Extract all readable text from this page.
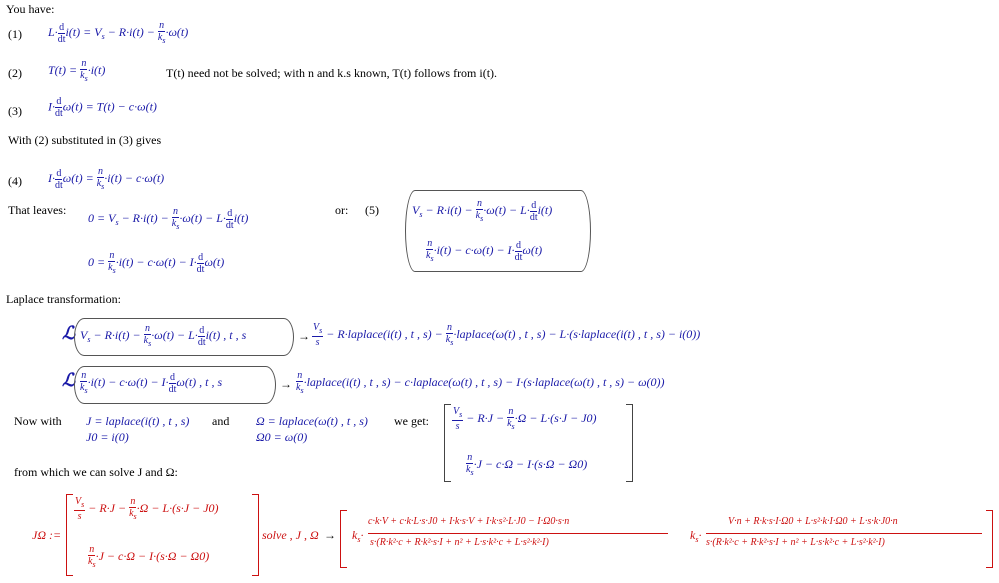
You have:
(1) $L\cdot \frac{d}{dt} i(t) = V_s - R\cdot i(t) - \frac{n}{k_s} \cdot\omega(t)$
(2) $T(t) = \frac{n}{k_s} \cdot i(t)$	T(t) need not be solved; with n and k.s known, T(t) follows from i(t).
(3) $I\cdot \frac{d}{dt} \omega(t) = T(t) - c\cdot\omega(t)$
With (2) substituted in (3) gives
(4) $I\cdot \frac{d}{dt} \omega(t) = \frac{n}{k_s} \cdot i(t) - c\cdot\omega(t)$
That leaves:
$0 = V_s - R\cdot i(t) - \frac{n}{k_s} \cdot\omega(t) - L\cdot \frac{d}{dt} i(t)$
$0 = \frac{n}{k_s} \cdot i(t) - c\cdot\omega(t) - I\cdot \frac{d}{dt} \omega(t)$
or: (5)	$V_s - R\cdot i(t) - \frac{n}{k_s} \cdot\omega(t) - L\cdot \frac{d}{dt} i(t)$
$\frac{n}{k_s} \cdot i(t) - c\cdot\omega(t) - I\cdot \frac{d}{dt} \omega(t)$
Laplace transformation:
ℒ $V_s - R\cdot i(t) - \frac{n}{k_s} \cdot\omega(t) - L\cdot \frac{d}{dt} i(t)$ , t , s	→ $\frac{V_s}{s}$ − R·laplace(i(t) , t , $s) - \frac{n}{k_s}$ ·laplace(ω(t) , t , s) − L·(s·laplace(i(t) , t , s) − i(0))
ℒ $\frac{n}{k_s} \cdot i(t) - c\cdot\omega(t) - I\cdot \frac{d}{dt} \omega(t)$ , t , s	→ $\frac{n}{k_s}$ ·laplace(i(t) , t , s) − c·laplace(ω(t) , t , s) − I·(s·laplace(ω(t) , t , s) − ω(0))
Now with J = laplace(i(t) , t , s)
J0 = i(0)
and Ω = laplace(ω(t) , t , s)
Ω0 = ω(0)
we get: $\frac{V_s}{s} - R\cdot J - \frac{n}{k_s} \cdot\Omega - L\cdot(s\cdot J - J0)$
$\frac{n}{k_s} \cdot J - c\cdot\Omega - I\cdot(s\cdot\Omega - \Omega 0)$
from which we can solve J and Ω:
JΩ :=
$\frac{V_s}{s} - R\cdot J - \frac{n}{k_s} \cdot\Omega - L\cdot(s\cdot J - J0)$
$\frac{n}{k_s} \cdot J - c\cdot\Omega - I\cdot(s\cdot\Omega - \Omega 0)$
solve , J , $\Omega \to k_s\cdot$
c·k·V + c·k·L·s·J0 + I·k·s·V + I·k·s²·L·J0 − I·Ω0·s·n
s·(R·k²·c + R·k²·s·I + n² + L·s·k²·c + L·s²·k²·I)
$k_s\cdot$
V·n + R·k·s·I·Ω0 + L·s²·k·I·Ω0 + L·s·k·J0·n
s·(R·k²·c + R·k²·s·I + n² + L·s·k²·c + L·s²·k²·I)
